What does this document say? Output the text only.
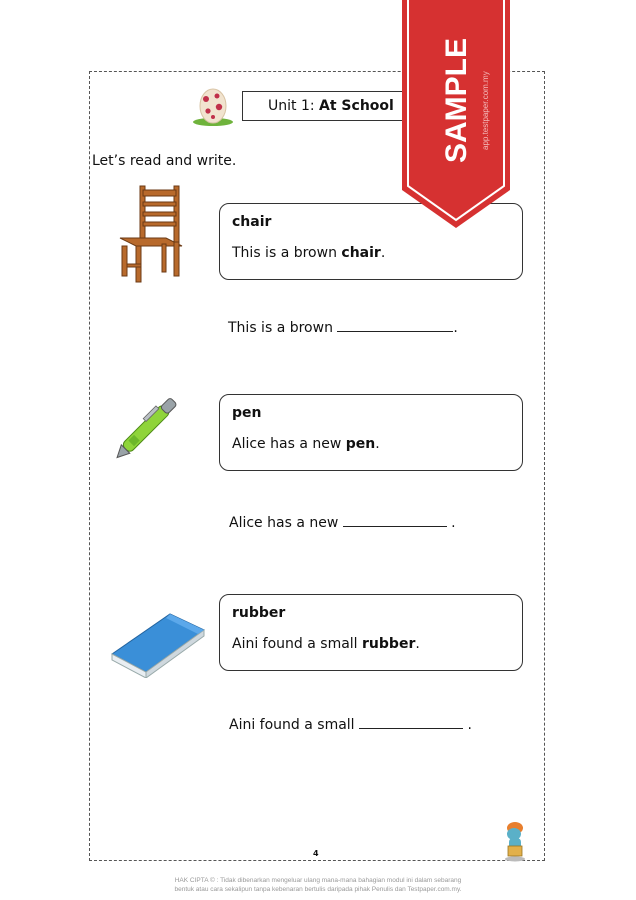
Unit 1: At School
Let’s read and write.
chair
This is a brown chair.
This is a brown	.
pen
Alice has a new pen.
Alice has a new	.
rubber
Aini found a small rubber.
Aini found a small	.
SAMPLE app.testpaper.com.my
4
HAK CIPTA © : Tidak dibenarkan mengeluar ulang mana-mana bahagian modul ini dalam sebarang
bentuk atau cara sekalipun tanpa kebenaran bertulis daripada pihak Penulis dan Testpaper.com.my.
